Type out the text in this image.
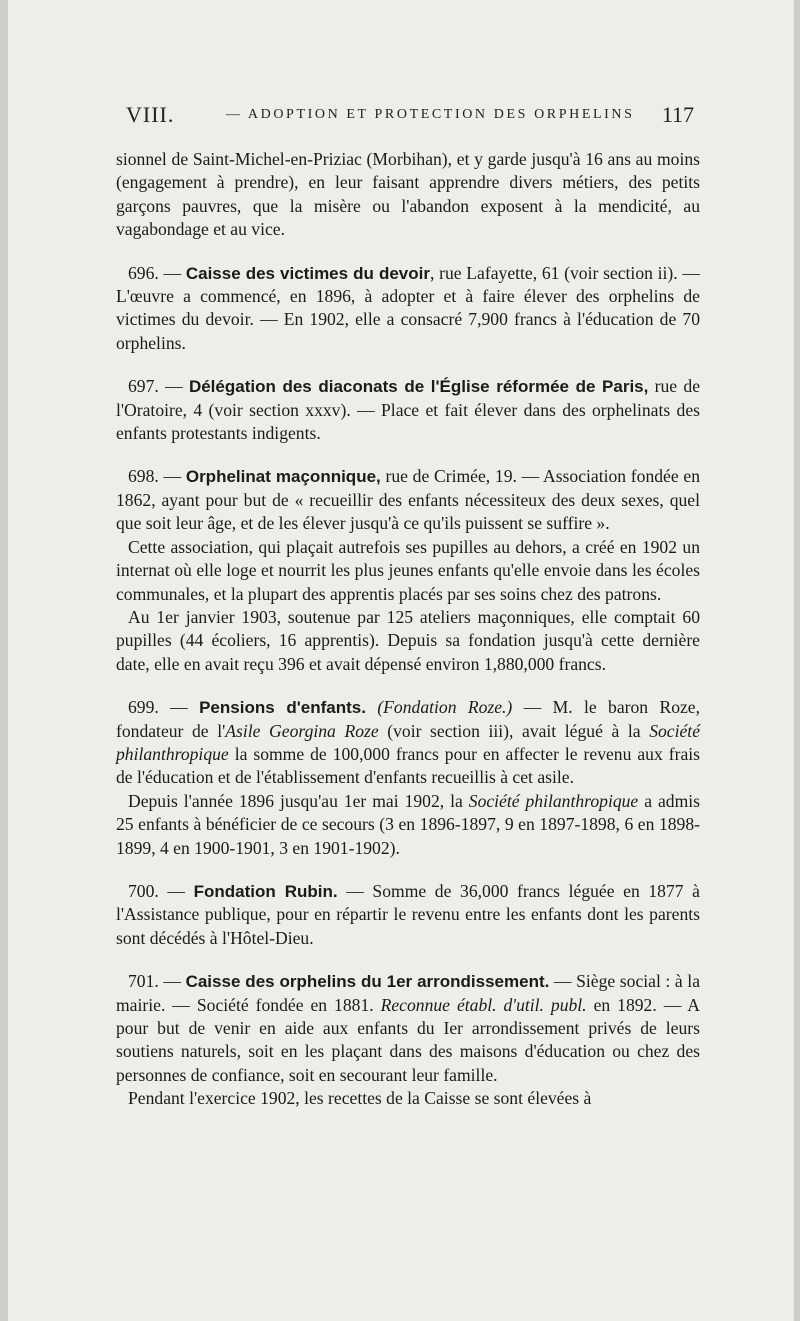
VIII.	— ADOPTION ET PROTECTION DES ORPHELINS 117

sionnel de Saint-Michel-en-Priziac (Morbihan), et y garde jusqu'à 16 ans au moins (engagement à prendre), en leur faisant apprendre divers métiers, des petits garçons pauvres, que la misère ou l'abandon exposent à la mendicité, au vagabondage et au vice.

696. — Caisse des victimes du devoir, rue Lafayette, 61 (voir section ii). — L'œuvre a commencé, en 1896, à adopter et à faire élever des orphelins de victimes du devoir. — En 1902, elle a consacré 7,900 francs à l'éducation de 70 orphelins.

697. — Délégation des diaconats de l'Église réformée de Paris, rue de l'Oratoire, 4 (voir section xxxv). — Place et fait élever dans des orphelinats des enfants protestants indigents.

698. — Orphelinat maçonnique, rue de Crimée, 19. — Association fondée en 1862, ayant pour but de « recueillir des enfants nécessiteux des deux sexes, quel que soit leur âge, et de les élever jusqu'à ce qu'ils puissent se suffire ».

Cette association, qui plaçait autrefois ses pupilles au dehors, a créé en 1902 un internat où elle loge et nourrit les plus jeunes enfants qu'elle envoie dans les écoles communales, et la plupart des apprentis placés par ses soins chez des patrons.

Au 1er janvier 1903, soutenue par 125 ateliers maçonniques, elle comptait 60 pupilles (44 écoliers, 16 apprentis). Depuis sa fondation jusqu'à cette dernière date, elle en avait reçu 396 et avait dépensé environ 1,880,000 francs.

699. — Pensions d'enfants. (Fondation Roze.) — M. le baron Roze, fondateur de l'Asile Georgina Roze (voir section iii), avait légué à la Société philanthropique la somme de 100,000 francs pour en affecter le revenu aux frais de l'éducation et de l'établissement d'enfants recueillis à cet asile.

Depuis l'année 1896 jusqu'au 1er mai 1902, la Société philanthropique a admis 25 enfants à bénéficier de ce secours (3 en 1896-1897, 9 en 1897-1898, 6 en 1898-1899, 4 en 1900-1901, 3 en 1901-1902).

700. — Fondation Rubin. — Somme de 36,000 francs léguée en 1877 à l'Assistance publique, pour en répartir le revenu entre les enfants dont les parents sont décédés à l'Hôtel-Dieu.

701. — Caisse des orphelins du 1er arrondissement. — Siège social : à la mairie. — Société fondée en 1881. Reconnue établ. d'util. publ. en 1892. — A pour but de venir en aide aux enfants du Ier arrondissement privés de leurs soutiens naturels, soit en les plaçant dans des maisons d'éducation ou chez des personnes de confiance, soit en secourant leur famille.

Pendant l'exercice 1902, les recettes de la Caisse se sont élevées à
